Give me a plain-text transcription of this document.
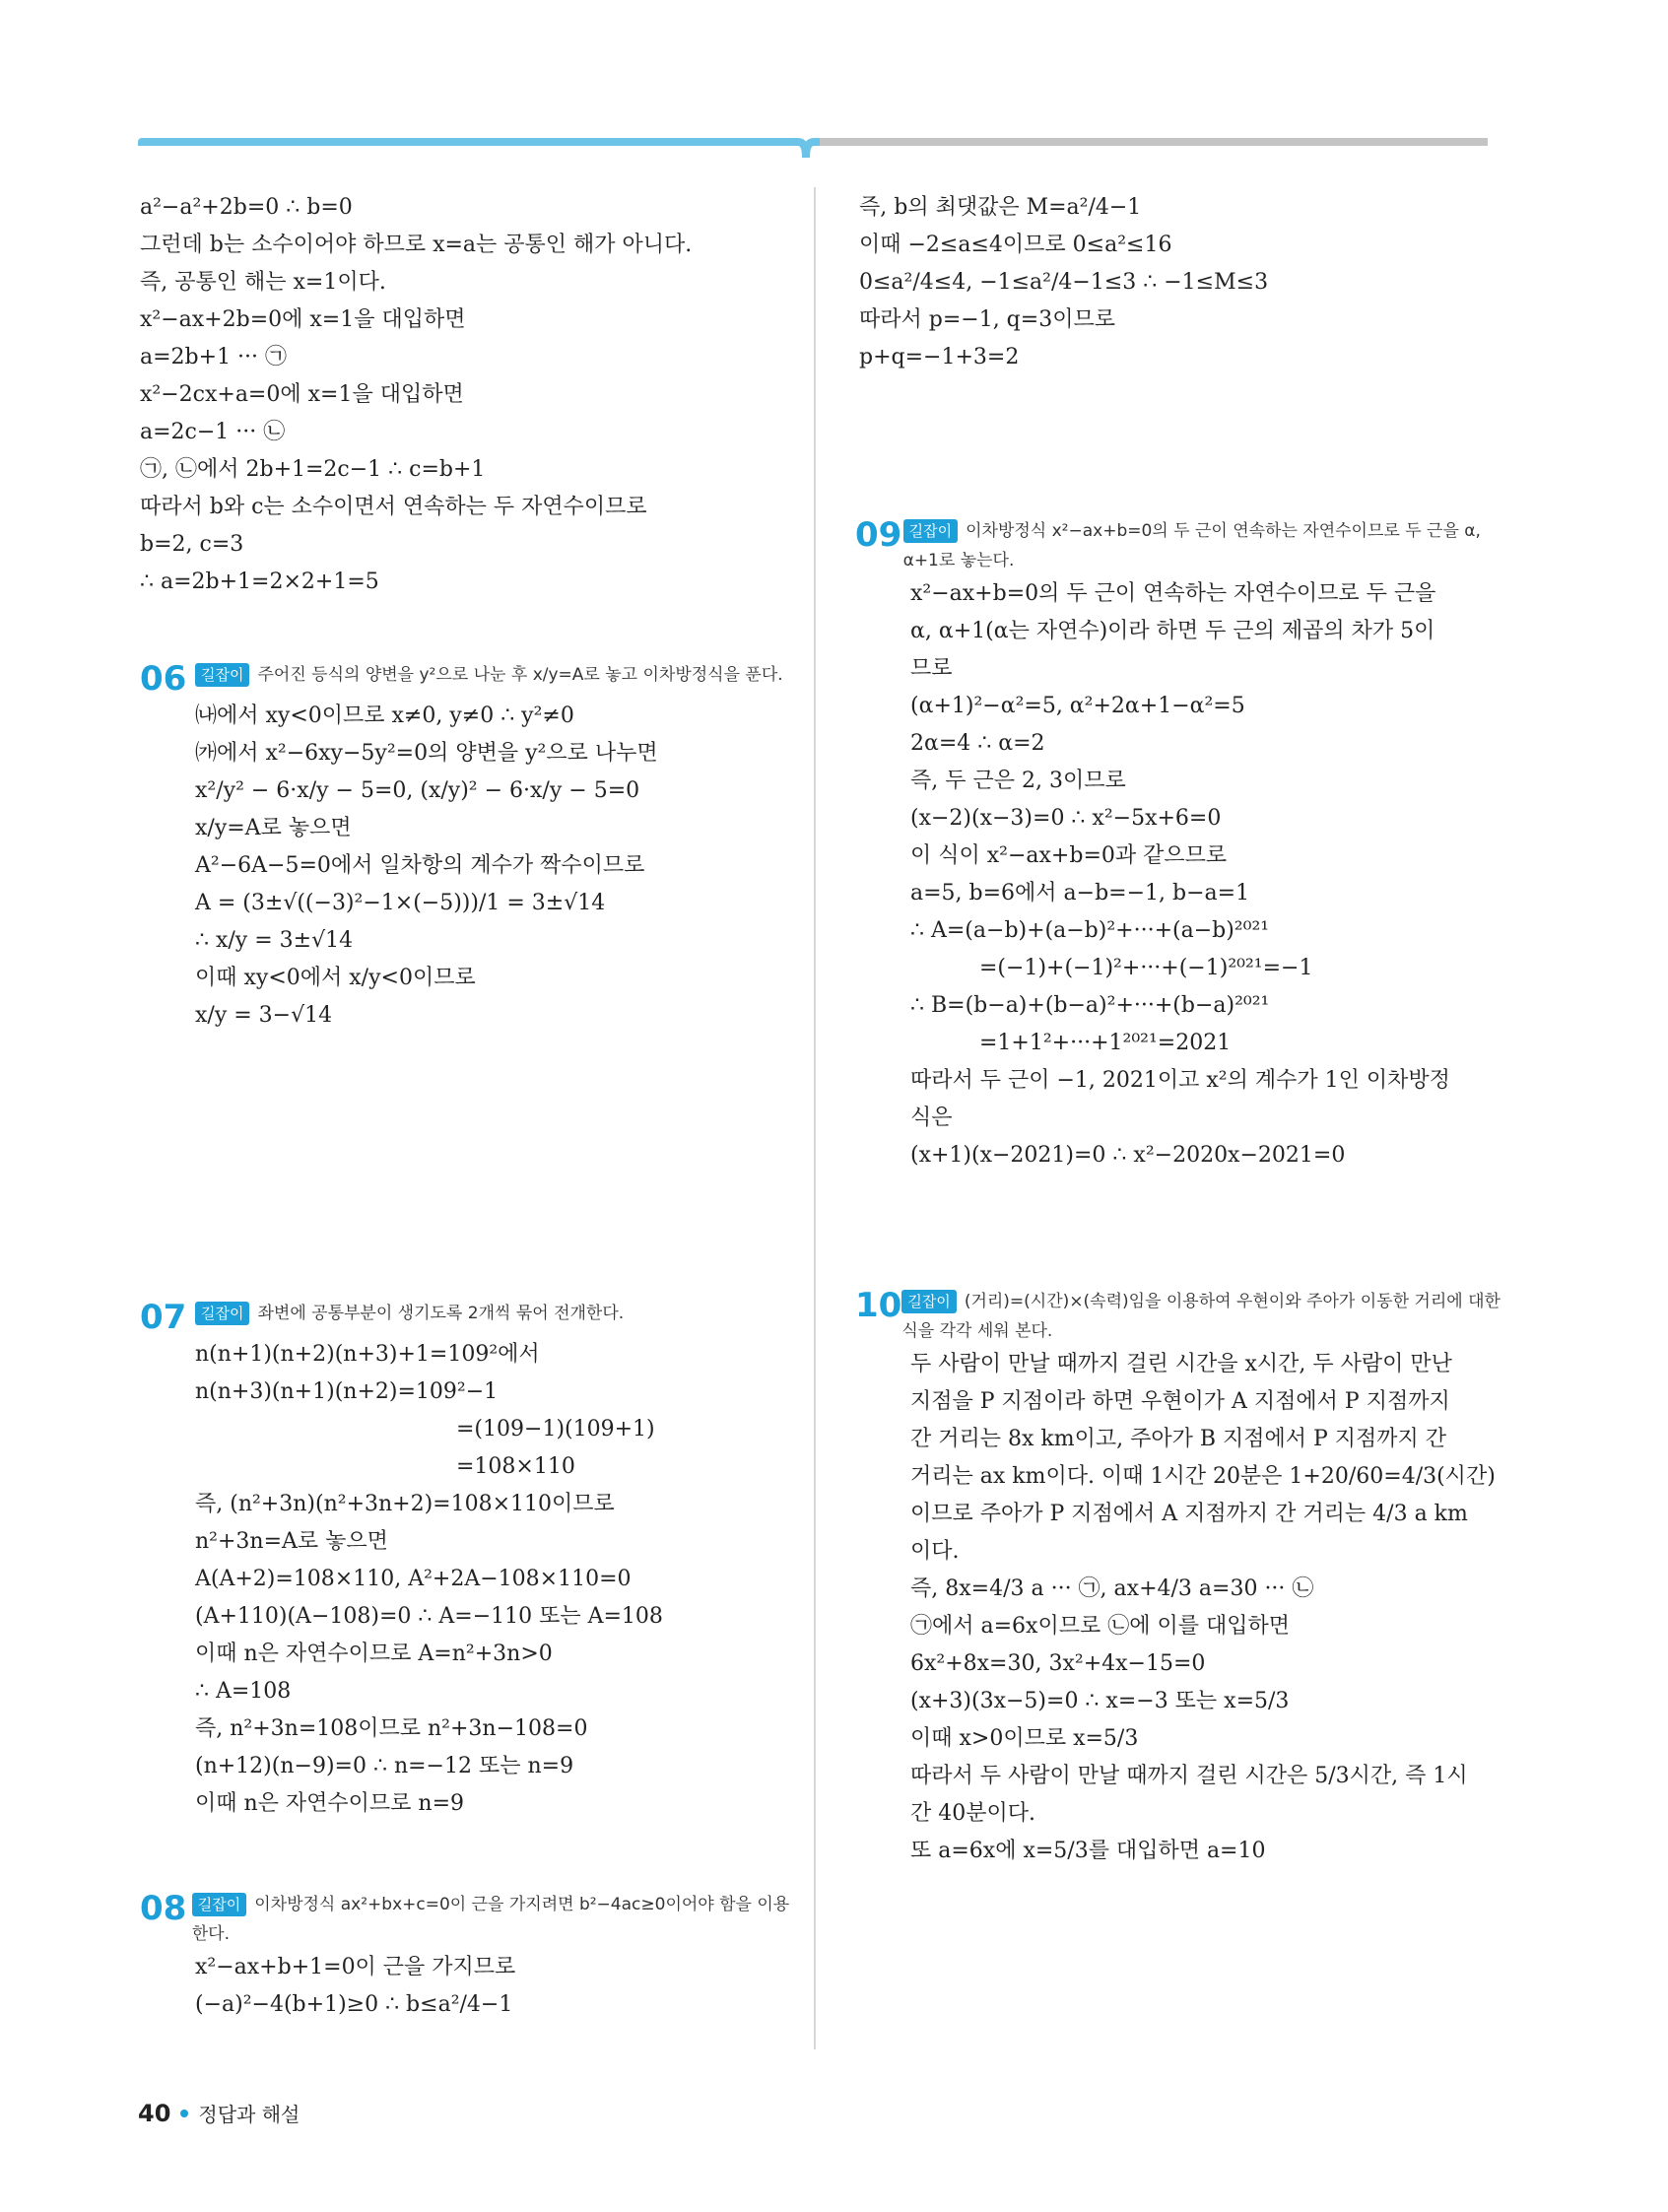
a²−a²+2b=0 ∴ b=0
그런데 b는 소수이어야 하므로 x=a는 공통인 해가 아니다.
즉, 공통인 해는 x=1이다.
x²−ax+2b=0에 x=1을 대입하면
a=2b+1 ··· ㉠
x²−2cx+a=0에 x=1을 대입하면
a=2c−1 ··· ㉡
㉠, ㉡에서 2b+1=2c−1 ∴ c=b+1
따라서 b와 c는 소수이면서 연속하는 두 자연수이므로
b=2, c=3
∴ a=2b+1=2×2+1=5
06 길잡이 주어진 등식의 양변을 y²으로 나눈 후 x/y=A로 놓고 이차방정식을 푼다.
㈏에서 xy<0이므로 x≠0, y≠0 ∴ y²≠0
㈎에서 x²−6xy−5y²=0의 양변을 y²으로 나누면
x²/y² − 6·x/y − 5=0, (x/y)² − 6·x/y − 5=0
x/y=A로 놓으면
A²−6A−5=0에서 일차항의 계수가 짝수이므로
A = (3±√((−3)²−1×(−5)))/1 = 3±√14
∴ x/y = 3±√14
이때 xy<0에서 x/y<0이므로
x/y = 3−√14
07 길잡이 좌변에 공통부분이 생기도록 2개씩 묶어 전개한다.
n(n+1)(n+2)(n+3)+1=109²에서
n(n+3)(n+1)(n+2)=109²−1
=(109−1)(109+1)
=108×110
즉, (n²+3n)(n²+3n+2)=108×110이므로
n²+3n=A로 놓으면
A(A+2)=108×110, A²+2A−108×110=0
(A+110)(A−108)=0 ∴ A=−110 또는 A=108
이때 n은 자연수이므로 A=n²+3n>0
∴ A=108
즉, n²+3n=108이므로 n²+3n−108=0
(n+12)(n−9)=0 ∴ n=−12 또는 n=9
이때 n은 자연수이므로 n=9
08 길잡이 이차방정식 ax²+bx+c=0이 근을 가지려면 b²−4ac≥0이어야 함을 이용한다.
x²−ax+b+1=0이 근을 가지므로
(−a)²−4(b+1)≥0 ∴ b≤a²/4−1
즉, b의 최댓값은 M=a²/4−1
이때 −2≤a≤4이므로 0≤a²≤16
0≤a²/4≤4, −1≤a²/4−1≤3 ∴ −1≤M≤3
따라서 p=−1, q=3이므로
p+q=−1+3=2
09 길잡이 이차방정식 x²−ax+b=0의 두 근이 연속하는 자연수이므로 두 근을 α, α+1로 놓는다.
x²−ax+b=0의 두 근이 연속하는 자연수이므로 두 근을
α, α+1(α는 자연수)이라 하면 두 근의 제곱의 차가 5이
므로
(α+1)²−α²=5, α²+2α+1−α²=5
2α=4 ∴ α=2
즉, 두 근은 2, 3이므로
(x−2)(x−3)=0 ∴ x²−5x+6=0
이 식이 x²−ax+b=0과 같으므로
a=5, b=6에서 a−b=−1, b−a=1
∴ A=(a−b)+(a−b)²+···+(a−b)²⁰²¹
=(−1)+(−1)²+···+(−1)²⁰²¹=−1
∴ B=(b−a)+(b−a)²+···+(b−a)²⁰²¹
=1+1²+···+1²⁰²¹=2021
따라서 두 근이 −1, 2021이고 x²의 계수가 1인 이차방정
식은
(x+1)(x−2021)=0 ∴ x²−2020x−2021=0
10 길잡이 (거리)=(시간)×(속력)임을 이용하여 우현이와 주아가 이동한 거리에 대한 식을 각각 세워 본다.
두 사람이 만날 때까지 걸린 시간을 x시간, 두 사람이 만난
지점을 P 지점이라 하면 우현이가 A 지점에서 P 지점까지
간 거리는 8x km이고, 주아가 B 지점에서 P 지점까지 간
거리는 ax km이다. 이때 1시간 20분은 1+20/60=4/3(시간)
이므로 주아가 P 지점에서 A 지점까지 간 거리는 4/3 a km
이다.
즉, 8x=4/3 a ··· ㉠, ax+4/3 a=30 ··· ㉡
㉠에서 a=6x이므로 ㉡에 이를 대입하면
6x²+8x=30, 3x²+4x−15=0
(x+3)(3x−5)=0 ∴ x=−3 또는 x=5/3
이때 x>0이므로 x=5/3
따라서 두 사람이 만날 때까지 걸린 시간은 5/3시간, 즉 1시
간 40분이다.
또 a=6x에 x=5/3를 대입하면 a=10
40 정답과 해설
